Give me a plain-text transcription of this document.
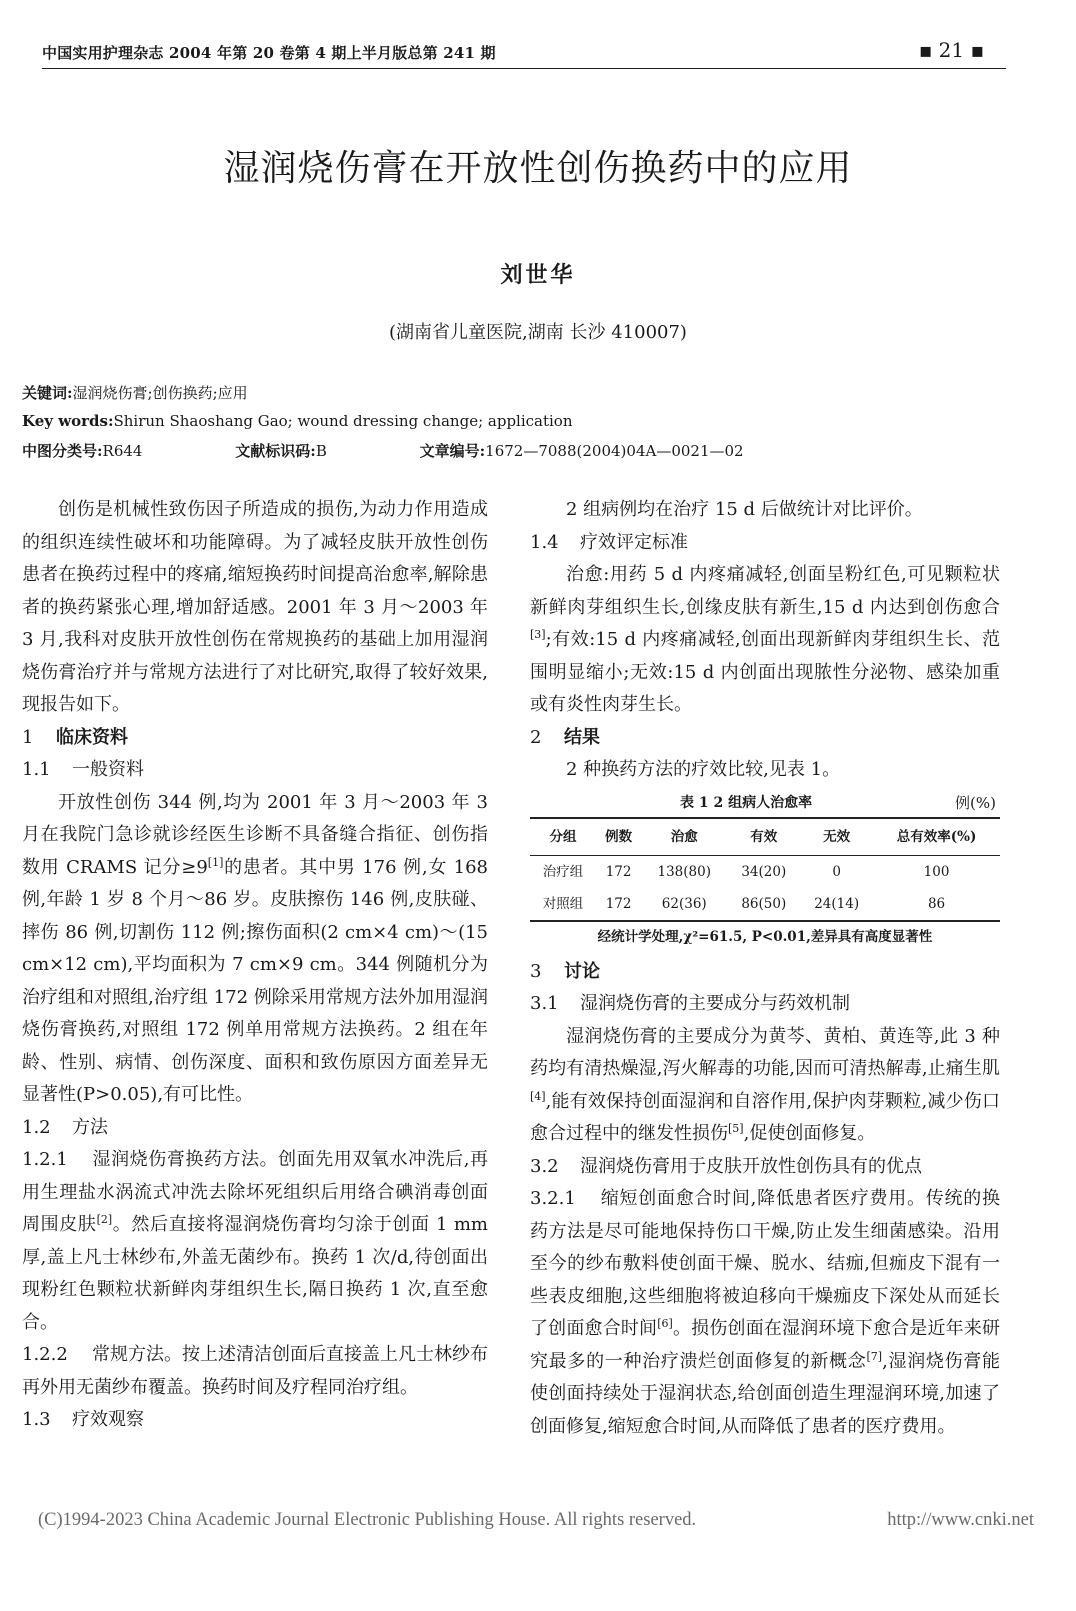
中国实用护理杂志 2004 年第 20 卷第 4 期上半月版总第 241 期	▪ 21 ▪
湿润烧伤膏在开放性创伤换药中的应用
刘世华
(湖南省儿童医院,湖南 长沙 410007)
关键词:湿润烧伤膏;创伤换药;应用
Key words:Shirun Shaoshang Gao; wound dressing change; application
中图分类号:R644	文献标识码:B	文章编号:1672—7088(2004)04A—0021—02

创伤是机械性致伤因子所造成的损伤,为动力作用造成的组织连续性破坏和功能障碍。为了减轻皮肤开放性创伤患者在换药过程中的疼痛,缩短换药时间提高治愈率,解除患者的换药紧张心理,增加舒适感。2001 年 3 月～2003 年 3 月,我科对皮肤开放性创伤在常规换药的基础上加用湿润烧伤膏治疗并与常规方法进行了对比研究,取得了较好效果,现报告如下。

1 临床资料

1.1 一般资料

开放性创伤 344 例,均为 2001 年 3 月～2003 年 3 月在我院门急诊就诊经医生诊断不具备缝合指征、创伤指数用 CRAMS 记分≥9[1]的患者。其中男 176 例,女 168 例,年龄 1 岁 8 个月～86 岁。皮肤擦伤 146 例,皮肤碰、摔伤 86 例,切割伤 112 例;擦伤面积(2 cm×4 cm)～(15 cm×12 cm),平均面积为 7 cm×9 cm。344 例随机分为治疗组和对照组,治疗组 172 例除采用常规方法外加用湿润烧伤膏换药,对照组 172 例单用常规方法换药。2 组在年龄、性别、病情、创伤深度、面积和致伤原因方面差异无显著性(P>0.05),有可比性。

1.2 方法

1.2.1 湿润烧伤膏换药方法。创面先用双氧水冲洗后,再用生理盐水涡流式冲洗去除坏死组织后用络合碘消毒创面周围皮肤[2]。然后直接将湿润烧伤膏均匀涂于创面 1 mm 厚,盖上凡士林纱布,外盖无菌纱布。换药 1 次/d,待创面出现粉红色颗粒状新鲜肉芽组织生长,隔日换药 1 次,直至愈合。

1.2.2 常规方法。按上述清洁创面后直接盖上凡士林纱布再外用无菌纱布覆盖。换药时间及疗程同治疗组。

1.3 疗效观察

2 组病例均在治疗 15 d 后做统计对比评价。

1.4 疗效评定标准

治愈:用药 5 d 内疼痛减轻,创面呈粉红色,可见颗粒状新鲜肉芽组织生长,创缘皮肤有新生,15 d 内达到创伤愈合[3];有效:15 d 内疼痛减轻,创面出现新鲜肉芽组织生长、范围明显缩小;无效:15 d 内创面出现脓性分泌物、感染加重或有炎性肉芽生长。

2 结果

2 种换药方法的疗效比较,见表 1。

表 1 2 组病人治愈率	例(%)
分组	例数	治愈	有效	无效	总有效率(%)
治疗组	172	138(80)	34(20)	0	100
对照组	172	62(36)	86(50)	24(14)	86
经统计学处理,χ²=61.5, P<0.01,差异具有高度显著性

3 讨论

3.1 湿润烧伤膏的主要成分与药效机制

湿润烧伤膏的主要成分为黄芩、黄柏、黄连等,此 3 种药均有清热燥湿,泻火解毒的功能,因而可清热解毒,止痛生肌[4],能有效保持创面湿润和自溶作用,保护肉芽颗粒,减少伤口愈合过程中的继发性损伤[5],促使创面修复。

3.2 湿润烧伤膏用于皮肤开放性创伤具有的优点

3.2.1 缩短创面愈合时间,降低患者医疗费用。传统的换药方法是尽可能地保持伤口干燥,防止发生细菌感染。沿用至今的纱布敷料使创面干燥、脱水、结痂,但痂皮下混有一些表皮细胞,这些细胞将被迫移向干燥痂皮下深处从而延长了创面愈合时间[6]。损伤创面在湿润环境下愈合是近年来研究最多的一种治疗溃烂创面修复的新概念[7],湿润烧伤膏能使创面持续处于湿润状态,给创面创造生理湿润环境,加速了创面修复,缩短愈合时间,从而降低了患者的医疗费用。

(C)1994-2023 China Academic Journal Electronic Publishing House. All rights reserved.	http://www.cnki.net
